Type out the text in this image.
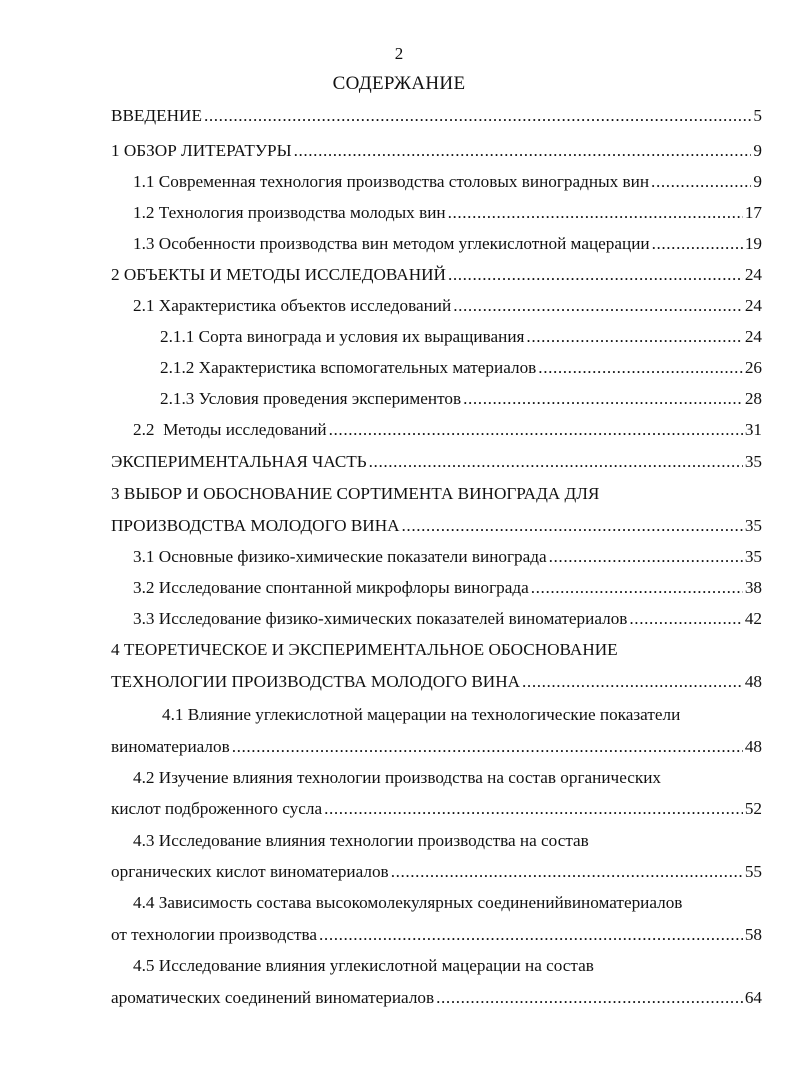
2
СОДЕРЖАНИЕ
ВВЕДЕНИЕ .....	5
1 ОБЗОР ЛИТЕРАТУРЫ .....	9
1.1 Современная технология производства столовых виноградных вин .....	9
1.2 Технология производства молодых вин .....	17
1.3 Особенности производства вин методом углекислотной мацерации .....	19
2 ОБЪЕКТЫ И МЕТОДЫ ИССЛЕДОВАНИЙ .....	24
2.1 Характеристика объектов исследований .....	24
2.1.1 Сорта винограда и условия их выращивания .....	24
2.1.2 Характеристика вспомогательных материалов .....	26
2.1.3 Условия проведения экспериментов .....	28
2.2  Методы исследований .....	31
ЭКСПЕРИМЕНТАЛЬНАЯ ЧАСТЬ .....	35
3 ВЫБОР И ОБОСНОВАНИЕ СОРТИМЕНТА ВИНОГРАДА ДЛЯ
ПРОИЗВОДСТВА МОЛОДОГО ВИНА .....	35
3.1 Основные физико-химические показатели винограда .....	35
3.2 Исследование спонтанной микрофлоры винограда .....	38
3.3 Исследование физико-химических показателей виноматериалов .....	42
4 ТЕОРЕТИЧЕСКОЕ И ЭКСПЕРИМЕНТАЛЬНОЕ ОБОСНОВАНИЕ
ТЕХНОЛОГИИ ПРОИЗВОДСТВА МОЛОДОГО ВИНА .....	48
4.1 Влияние углекислотной мацерации на технологические показатели
виноматериалов .....	48
4.2 Изучение влияния технологии производства на состав органических
кислот подброженного сусла .....	52
4.3 Исследование влияния технологии производства на состав
органических кислот виноматериалов .....	55
4.4 Зависимость состава высокомолекулярных соединенийвиноматериалов
от технологии производства .....	58
4.5 Исследование влияния углекислотной мацерации на состав
ароматических соединений виноматериалов .....	64
